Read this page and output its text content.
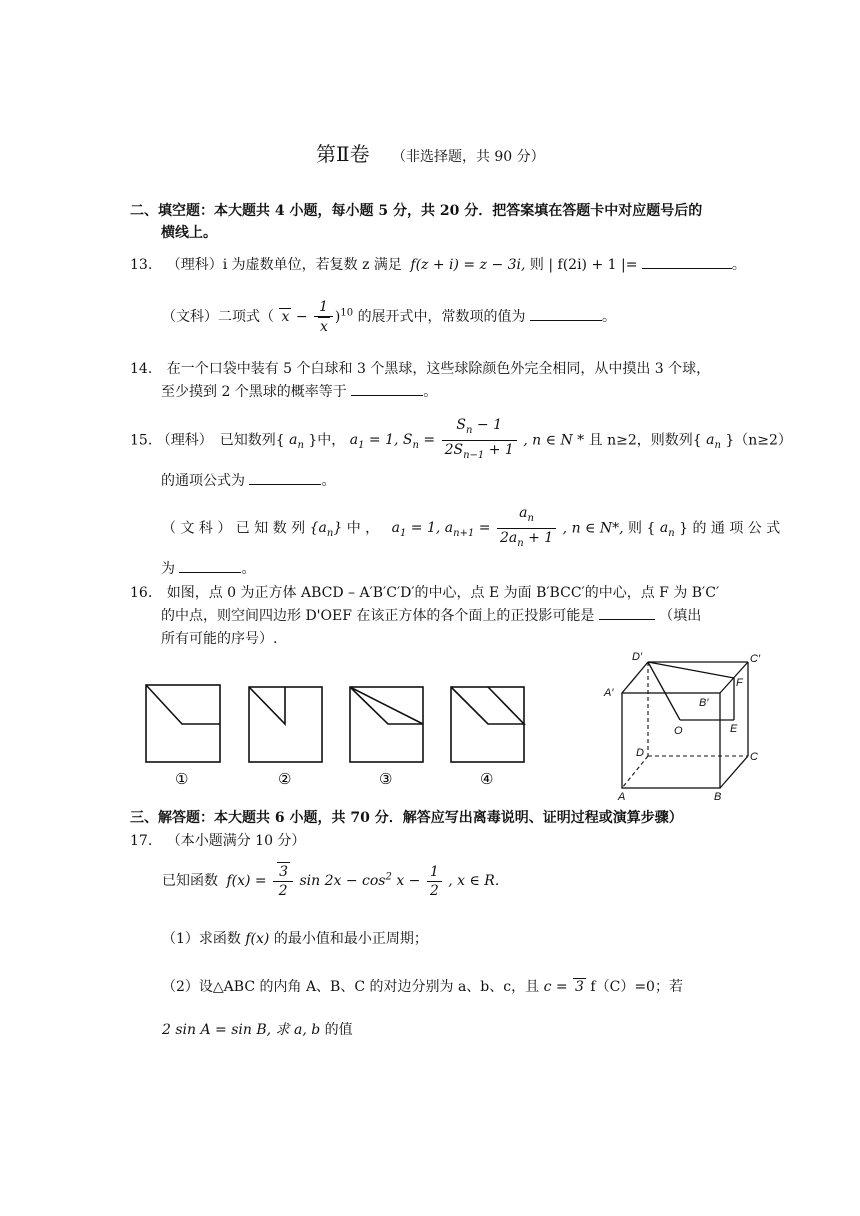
第Ⅱ卷 （非选择题，共 90 分）
二、填空题：本大题共 4 小题，每小题 5 分，共 20 分．把答案填在答题卡中对应题号后的
横线上。
13. （理科）i 为虚数单位，若复数 z 满足 f(z + i) = z − 3i, 则 | f(2i) + 1 |=	。
（文科）二项式（ $x - \frac{1}{x} )^{10}$ 的展开式中，常数项的值为	。
14. 在一个口袋中装有 5 个白球和 3 个黑球，这些球除颜色外完全相同，从中摸出 3 个球，
至少摸到 2 个黑球的概率等于	。
15. （理科）　已知数列{ $a_n$ }中， $a_1 = 1$, $S_n = \frac{S_n - 1}{2S_{n-1} + 1}$ , n ∈ N * 且 n≥2，则数列{ $a_n$ }（n≥2）
的通项公式为	。
（ 文 科 ） 已 知 数 列 $\{a_n\}$ 中 ， $a_1 = 1$, $a_{n+1} = \frac{a_n}{2a_n + 1}$ , n ∈ N*, 则 { $a_n$ } 的 通 项 公 式
为	。
16. 如图，点 0 为正方体 ABCD – A′B′C′D′的中心，点 E 为面 B′BCC′的中心，点 F 为 B′C′
的中点，则空间四边形 D'OEF 在该正方体的各个面上的正投影可能是	（填出
所有可能的序号）.
①	②	③	④
D′	C′
A′
B′
F
E
O
D	C
A	B
三、解答题：本大题共 6 小题，共 70 分．解答应写出离毒说明、证明过程或演算步骤）
17. （本小题满分 10 分）
已知函数 $f(x) = \frac{3}{2}$ $\sin 2x - \cos^2 x - \frac{1}{2}$ , x ∈ R.
（1）求函数 f(x) 的最小值和最小正周期；
（2）设△ABC 的内角 A、B、C 的对边分别为 a、b、c，且 c = 3 f（C）=0；若
2 sin A = sin B, 求 a, b 的值
